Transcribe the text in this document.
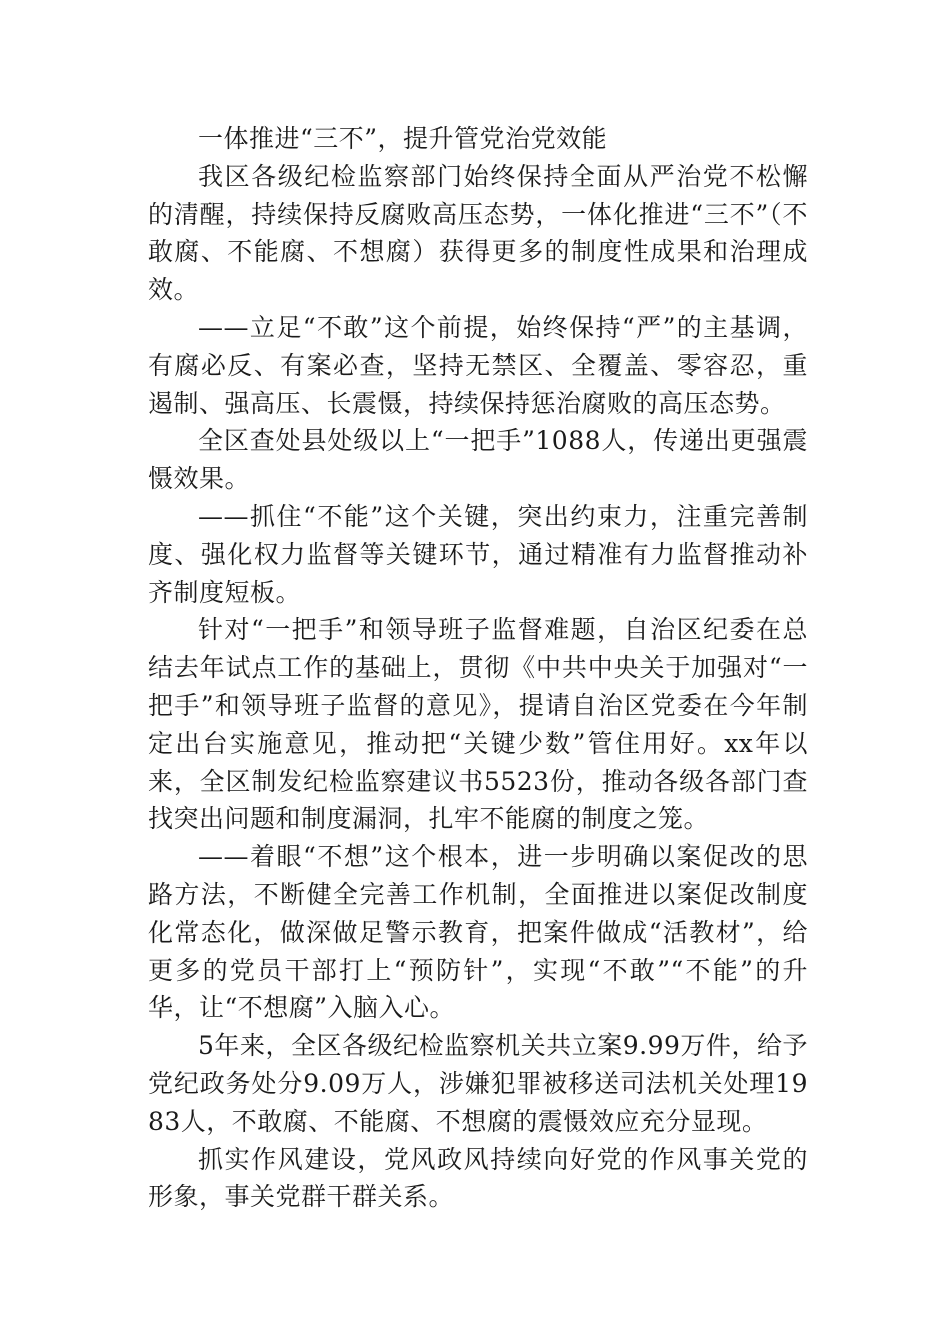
一体推进“三不”，提升管党治党效能

我区各级纪检监察部门始终保持全面从严治党不松懈的清醒，持续保持反腐败高压态势，一体化推进“三不”（不敢腐、不能腐、不想腐）获得更多的制度性成果和治理成效。

——立足“不敢”这个前提，始终保持“严”的主基调，有腐必反、有案必查，坚持无禁区、全覆盖、零容忍，重遏制、强高压、长震慑，持续保持惩治腐败的高压态势。

全区查处县处级以上“一把手”1088人，传递出更强震慑效果。

——抓住“不能”这个关键，突出约束力，注重完善制度、强化权力监督等关键环节，通过精准有力监督推动补齐制度短板。

针对“一把手”和领导班子监督难题，自治区纪委在总结去年试点工作的基础上，贯彻《中共中央关于加强对“一把手”和领导班子监督的意见》，提请自治区党委在今年制定出台实施意见，推动把“关键少数”管住用好。xx年以来，全区制发纪检监察建议书5523份，推动各级各部门查找突出问题和制度漏洞，扎牢不能腐的制度之笼。

——着眼“不想”这个根本，进一步明确以案促改的思路方法，不断健全完善工作机制，全面推进以案促改制度化常态化，做深做足警示教育，把案件做成“活教材”，给更多的党员干部打上“预防针”，实现“不敢”“不能”的升华，让“不想腐”入脑入心。

5年来，全区各级纪检监察机关共立案9.99万件，给予党纪政务处分9.09万人，涉嫌犯罪被移送司法机关处理1983人，不敢腐、不能腐、不想腐的震慑效应充分显现。

抓实作风建设，党风政风持续向好党的作风事关党的形象，事关党群干群关系。
